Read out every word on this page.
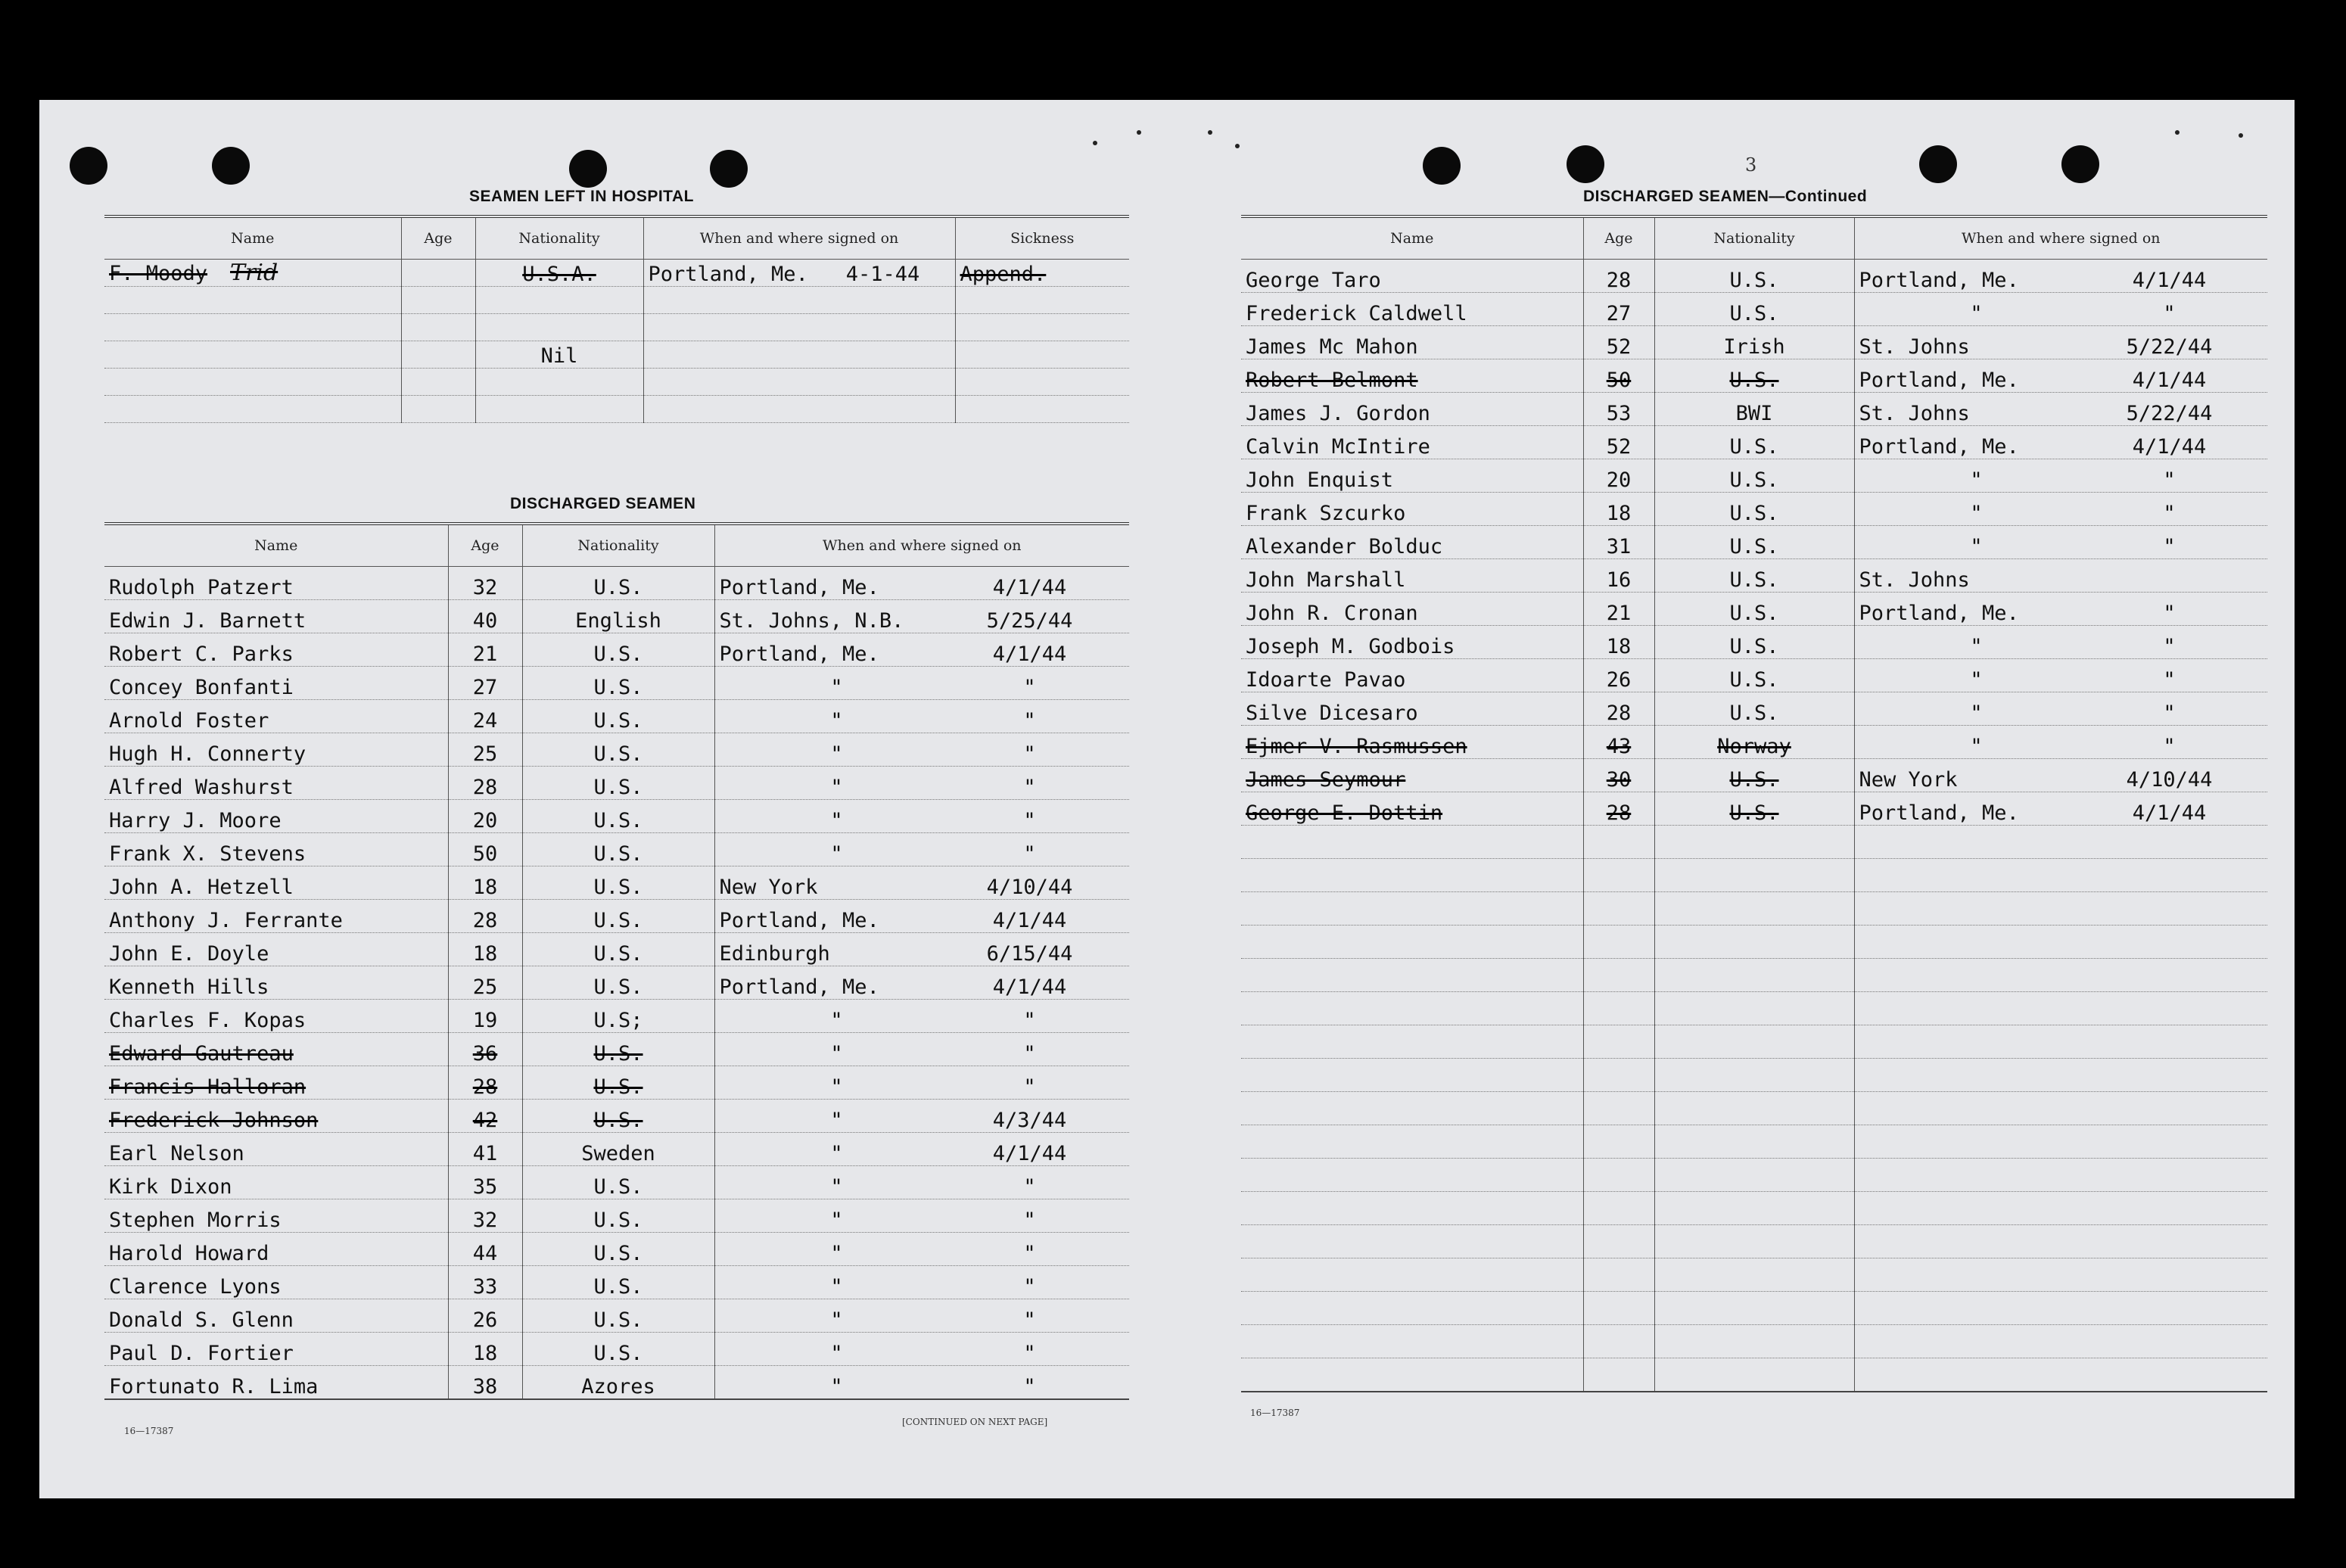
SEAMEN LEFT IN HOSPITAL
Name	Age	Nationality	When and where signed on	Sickness
F. Moody Trid		U.S.A.	Portland, Me. 4-1-44	Append.

		Nil		

DISCHARGED SEAMEN
Name	Age	Nationality	When and where signed on
Rudolph Patzert	32	U.S.	Portland, Me. 4/1/44
Edwin J. Barnett	40	English	St. Johns, N.B. 5/25/44
Robert C. Parks	21	U.S.	Portland, Me. 4/1/44
Concey Bonfanti	27	U.S.	" "
Arnold Foster	24	U.S.	" "
Hugh H. Connerty	25	U.S.	" "
Alfred Washurst	28	U.S.	" "
Harry J. Moore	20	U.S.	" "
Frank X. Stevens	50	U.S.	" "
John A. Hetzell	18	U.S.	New York 4/10/44
Anthony J. Ferrante	28	U.S.	Portland, Me. 4/1/44
John E. Doyle	18	U.S.	Edinburgh 6/15/44
Kenneth Hills	25	U.S.	Portland, Me. 4/1/44
Charles F. Kopas	19	U.S;	" "
Edward Gautreau	36	U.S.	" "
Francis Halloran	28	U.S.	" "
Frederick Johnson	42	U.S.	" 4/3/44
Earl Nelson	41	Sweden	" 4/1/44
Kirk Dixon	35	U.S.	" "
Stephen Morris	32	U.S.	" "
Harold Howard	44	U.S.	" "
Clarence Lyons	33	U.S.	" "
Donald S. Glenn	26	U.S.	" "
Paul D. Fortier	18	U.S.	" "
Fortunato R. Lima	38	Azores	" "
16—17387
[CONTINUED ON NEXT PAGE]
3
DISCHARGED SEAMEN—Continued
Name	Age	Nationality	When and where signed on
George Taro	28	U.S.	Portland, Me. 4/1/44
Frederick Caldwell	27	U.S.	" "
James Mc Mahon	52	Irish	St. Johns 5/22/44
Robert Belmont	50	U.S.	Portland, Me. 4/1/44
James J. Gordon	53	BWI	St. Johns 5/22/44
Calvin McIntire	52	U.S.	Portland, Me. 4/1/44
John Enquist	20	U.S.	" "
Frank Szcurko	18	U.S.	" "
Alexander Bolduc	31	U.S.	" "
John Marshall	16	U.S.	St. Johns
John R. Cronan	21	U.S.	Portland, Me. "
Joseph M. Godbois	18	U.S.	" "
Idoarte Pavao	26	U.S.	" "
Silve Dicesaro	28	U.S.	" "
Ejmer V. Rasmussen	43	Norway	" "
James Seymour	30	U.S.	New York 4/10/44
George E. Dottin	28	U.S.	Portland, Me. 4/1/44

16—17387
